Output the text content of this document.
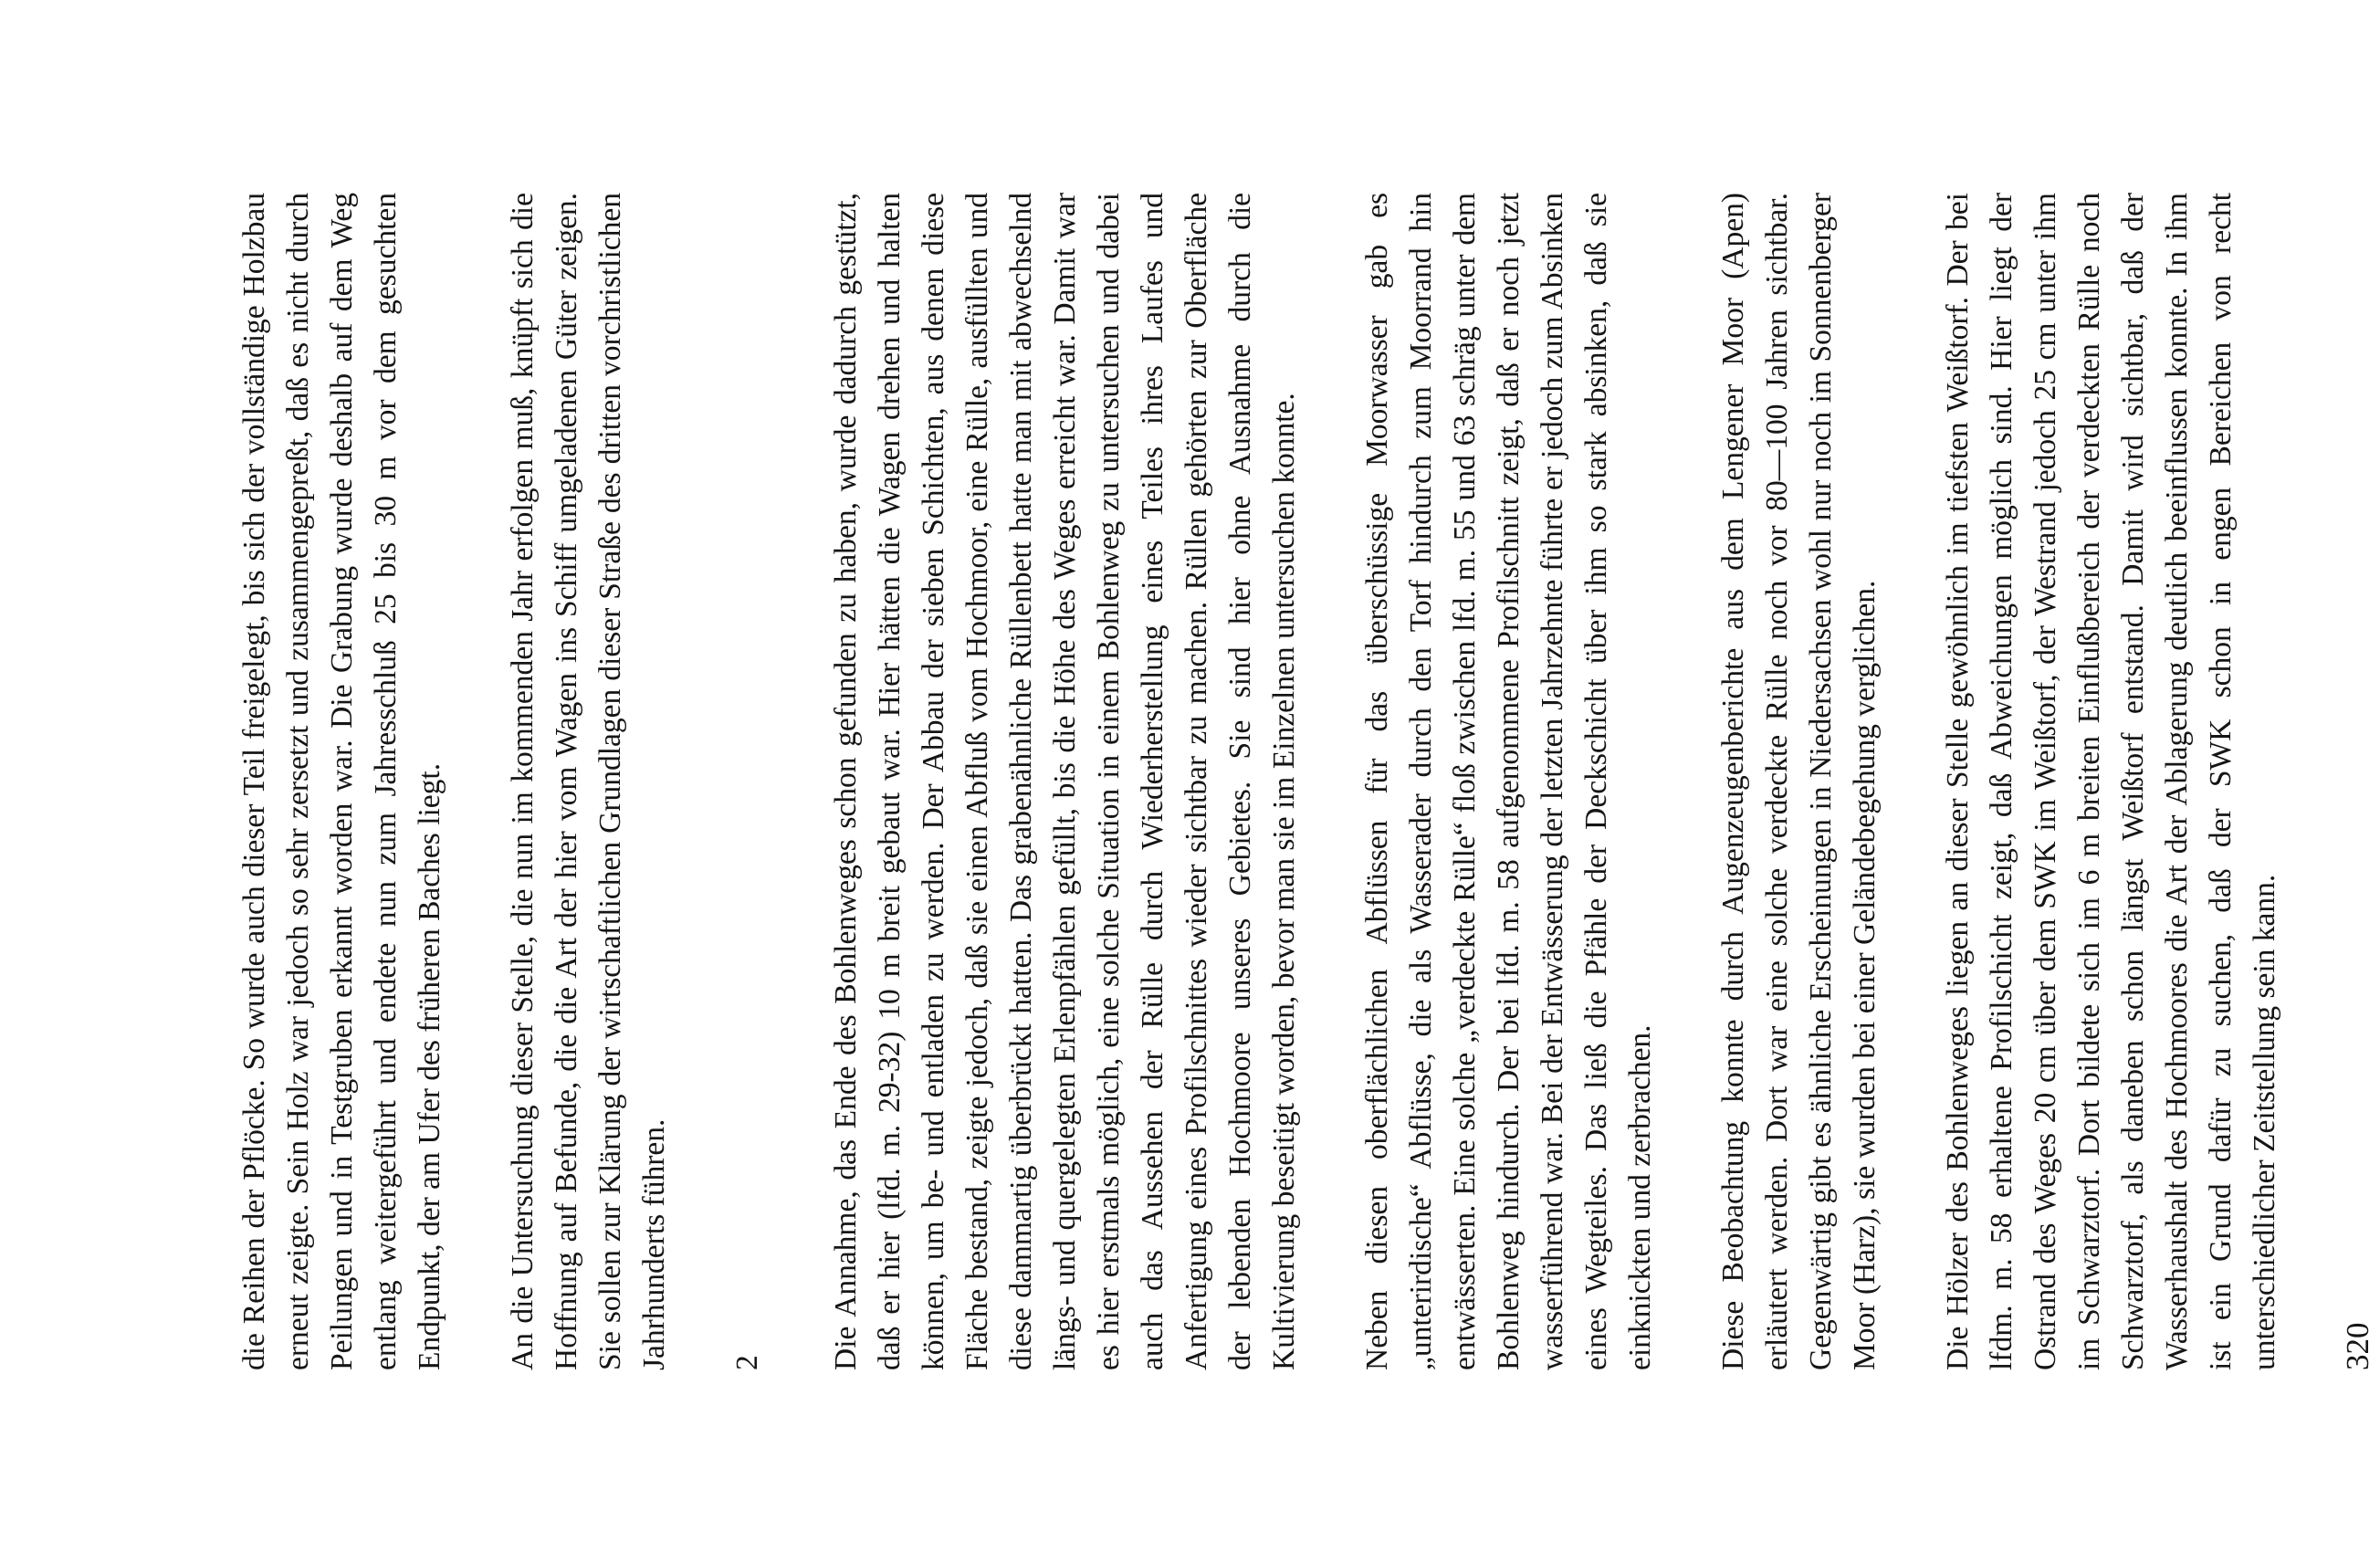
die Reihen der Pflöcke. So wurde auch dieser Teil freigelegt, bis sich der vollständige Holzbau erneut zeigte. Sein Holz war jedoch so sehr zersetzt und zusammengepreßt, daß es nicht durch Peilungen und in Testgruben erkannt worden war. Die Grabung wurde deshalb auf dem Weg entlang weitergeführt und endete nun zum Jahresschluß 25 bis 30 m vor dem gesuchten Endpunkt, der am Ufer des früheren Baches liegt. An die Untersuchung dieser Stelle, die nun im kommenden Jahr erfolgen muß, knüpft sich die Hoffnung auf Befunde, die die Art der hier vom Wagen ins Schiff umgeladenen Güter zeigen. Sie sollen zur Klärung der wirtschaftlichen Grundlagen dieser Straße des dritten vorchristlichen Jahrhunderts führen. 2 Die Annahme, das Ende des Bohlenweges schon gefunden zu haben, wurde dadurch gestützt, daß er hier (lfd. m. 29-32) 10 m breit gebaut war. Hier hätten die Wagen drehen und halten können, um be- und entladen zu werden. Der Abbau der sieben Schichten, aus denen diese Fläche bestand, zeigte jedoch, daß sie einen Abfluß vom Hochmoor, eine Rülle, ausfüllten und diese dammartig überbrückt hatten. Das grabenähnliche Rüllenbett hatte man mit abwechselnd längs- und quergelegten Erlenpfählen gefüllt, bis die Höhe des Weges erreicht war. Damit war es hier erstmals möglich, eine solche Situation in einem Bohlenweg zu untersuchen und dabei auch das Aussehen der Rülle durch Wiederherstellung eines Teiles ihres Laufes und Anfertigung eines Profilschnittes wieder sichtbar zu machen. Rüllen gehörten zur Oberfläche der lebenden Hochmoore unseres Gebietes. Sie sind hier ohne Ausnahme durch die Kultivierung beseitigt worden, bevor man sie im Einzelnen untersuchen konnte. Neben diesen oberflächlichen Abflüssen für das überschüssige Moorwasser gab es „unterirdische“ Abflüsse, die als Wasserader durch den Torf hindurch zum Moorrand hin entwässerten. Eine solche „verdeckte Rülle“ floß zwischen lfd. m. 55 und 63 schräg unter dem Bohlenweg hindurch. Der bei lfd. m. 58 aufgenommene Profilschnitt zeigt, daß er noch jetzt wasserführend war. Bei der Entwässerung der letzten Jahrzehnte führte er jedoch zum Absinken eines Wegteiles. Das ließ die Pfähle der Deckschicht über ihm so stark absinken, daß sie einknickten und zerbrachen. Diese Beobachtung konnte durch Augenzeugenberichte aus dem Lengener Moor (Apen) erläutert werden. Dort war eine solche verdeckte Rülle noch vor 80—100 Jahren sichtbar. Gegenwärtig gibt es ähnliche Erscheinungen in Niedersachsen wohl nur noch im Sonnenberger Moor (Harz), sie wurden bei einer Geländebegehung verglichen. Die Hölzer des Bohlenweges liegen an dieser Stelle gewöhnlich im tiefsten Weißtorf. Der bei lfdm. m. 58 erhaltene Profilschicht zeigt, daß Abweichungen möglich sind. Hier liegt der Ostrand des Weges 20 cm über dem SWK im Weißtorf, der Westrand jedoch 25 cm unter ihm im Schwarztorf. Dort bildete sich im 6 m breiten Einflußbereich der verdeckten Rülle noch Schwarztorf, als daneben schon längst Weißtorf entstand. Damit wird sichtbar, daß der Wasserhaushalt des Hochmoores die Art der Ablagerung deutlich beeinflussen konnte. In ihm ist ein Grund dafür zu suchen, daß der SWK schon in engen Bereichen von recht unterschiedlicher Zeitstellung sein kann. 320
